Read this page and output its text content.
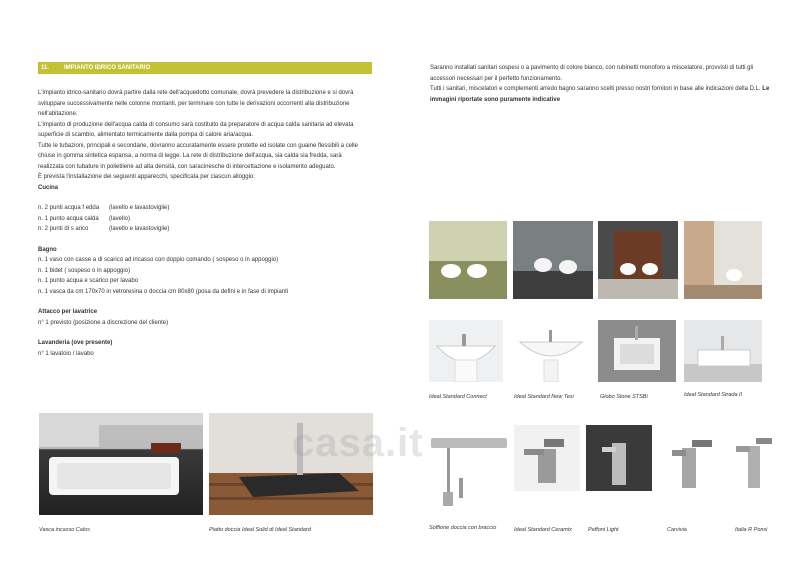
11. IMPIANTO IDRICO SANITARIO

L'impianto idrico-sanitario dovrà partire dalla rete dell'acquedotto comunale, dovrà prevedere la distribuzione e si dovrà sviluppare successivamente nelle colonne montanti, per terminare con tutte le derivazioni occorrenti alla distribuzione nell'abitazione.

L'impianto di produzione dell'acqua calda di consumo sarà costituito da preparatore di acqua calda sanitaria ad elevata superficie di scambio, alimentato termicamente dalla pompa di calore aria/acqua.

Tutte le tubazioni, principali e secondarie, dovranno accuratamente essere protette ed isolate con guaine flessibili a celle chiuse in gomma sintetica espansa, a norma di legge. La rete di distribuzione dell'acqua, sia calda sia fredda, sarà realizzata con tubature in polietilene ad alta densità, con saracinesche di intercettazione e isolamento adeguato.

È prevista l'installazione dei seguenti apparecchi, specificata per ciascun alloggio:

Cucina

n. 2 punti acqua f edda (lavello e lavastoviglie)

n. 1 punto acqua calda (lavello)

n. 2 punti di s arico	(lavello e lavastoviglie)

Bagno

n. 1 vaso con casse a di scarico ad incasso con doppio comando ( sospeso o in appoggio)

n. 1 bidet ( sospeso o in appoggio)

n. 1 punto acqua e scarico per lavabo

n. 1 vasca da cm 170x70 in vetroresina o doccia cm 80x80 (posa da defini e in fase di impianti

Attacco per lavatrice

n° 1 previsto (posizione a discrezione del cliente)

Lavanderia (ove presente)

n° 1 lavatoio / lavabo

Saranno installati sanitari sospesi o a pavimento di colore bianco, con rubinetti monoforo a miscelatore, provvisti di tutti gli accessori necessari per il perfetto funzionamento.

Tutti i sanitari, miscelatori e complementi arredo bagno saranno scelti presso nostri fornitori in base alle indicazioni della D.L. Le immagini riportate sono puramente indicative

Vasca incasso Calos	Piatto doccia Ideal Solid di Ideal Standard
casa.it
Ideal Standard Connect	Ideal Standard New Tesi	Globo Stone STSBi	Ideal Standard Strada II
Soffione doccia con braccio	Ideal Standard Ceramix	Paffoni Light	Carvivia	Italia R Ponsi
